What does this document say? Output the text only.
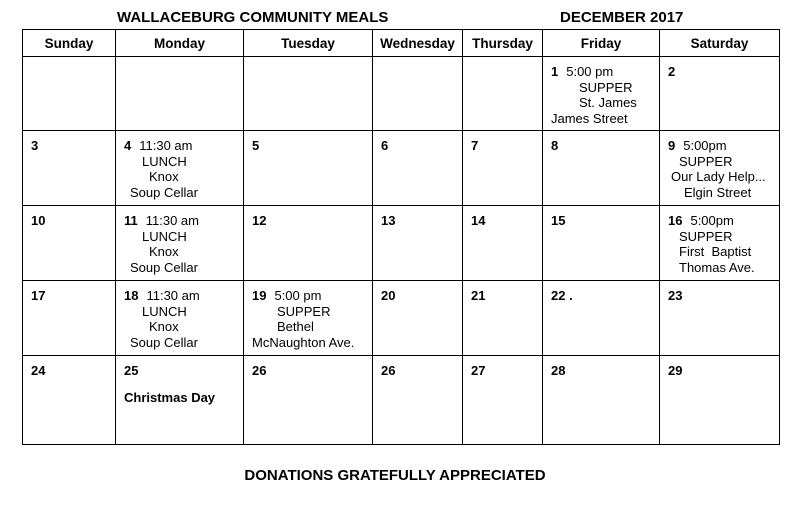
WALLACEBURG COMMUNITY MEALS	DECEMBER 2017
Sunday	Monday	Tuesday	Wednesday	Thursday	Friday	Saturday

					1 5:00 pm
SUPPER
St. James
James Street	2

3	4 11:30 am
LUNCH
Knox
Soup Cellar	5	6	7	8	9 5:00pm
SUPPER
Our Lady Help...
Elgin Street

10	11 11:30 am
LUNCH
Knox
Soup Cellar	12	13	14	15	16 5:00pm
SUPPER
First  Baptist
Thomas Ave.

17	18 11:30 am
LUNCH
Knox
Soup Cellar	19 5:00 pm
SUPPER
Bethel
McNaughton Ave.	20	21	22 .	23

24	25
Christmas Day	26	26	27	28	29
DONATIONS GRATEFULLY APPRECIATED
